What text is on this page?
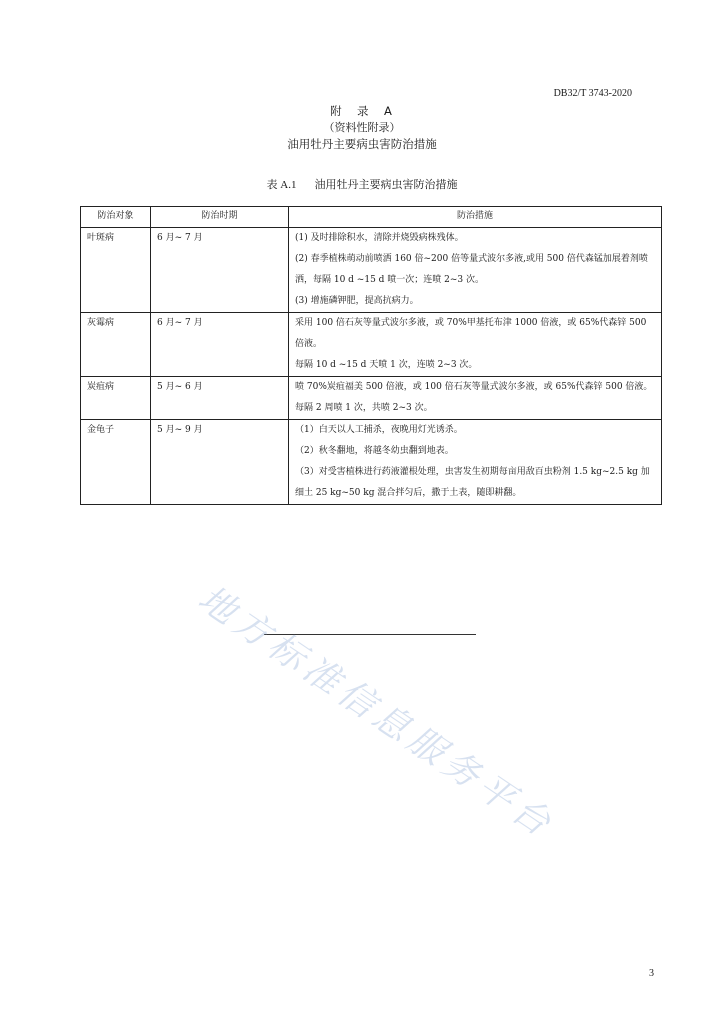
DB32/T 3743-2020
附　录　A
（资料性附录）
油用牡丹主要病虫害防治措施
表 A.1 油用牡丹主要病虫害防治措施
防治对象	防治时期	防治措施
叶斑病	6 月~ 7 月	(1) 及时排除积水，清除并烧毁病株残体。
(2) 春季植株萌动前喷洒 160 倍~200 倍等量式波尔多液,或用 500 倍代森锰加展着剂喷洒，每隔 10 d ~15 d 喷一次；连喷 2~3 次。
(3) 增施磷钾肥，提高抗病力。

灰霉病	6 月~ 7 月	采用 100 倍石灰等量式波尔多液，或 70%甲基托布津 1000 倍液，或 65%代森锌 500 倍液。
每隔 10 d ~15 d 天喷 1 次，连喷 2~3 次。

炭疽病	5 月~ 6 月	喷 70%炭疽福美 500 倍液，或 100 倍石灰等量式波尔多液，或 65%代森锌 500 倍液。
每隔 2 周喷 1 次，共喷 2~3 次。

金龟子	5 月~ 9 月	（1）白天以人工捕杀，夜晚用灯光诱杀。
（2）秋冬翻地，将越冬幼虫翻到地表。
（3）对受害植株进行药液灌根处理，虫害发生初期每亩用敌百虫粉剂 1.5 kg~2.5 kg 加细土 25 kg~50 kg 混合拌匀后，撒于土表，随即耕翻。
地方标准信息服务平台
3
